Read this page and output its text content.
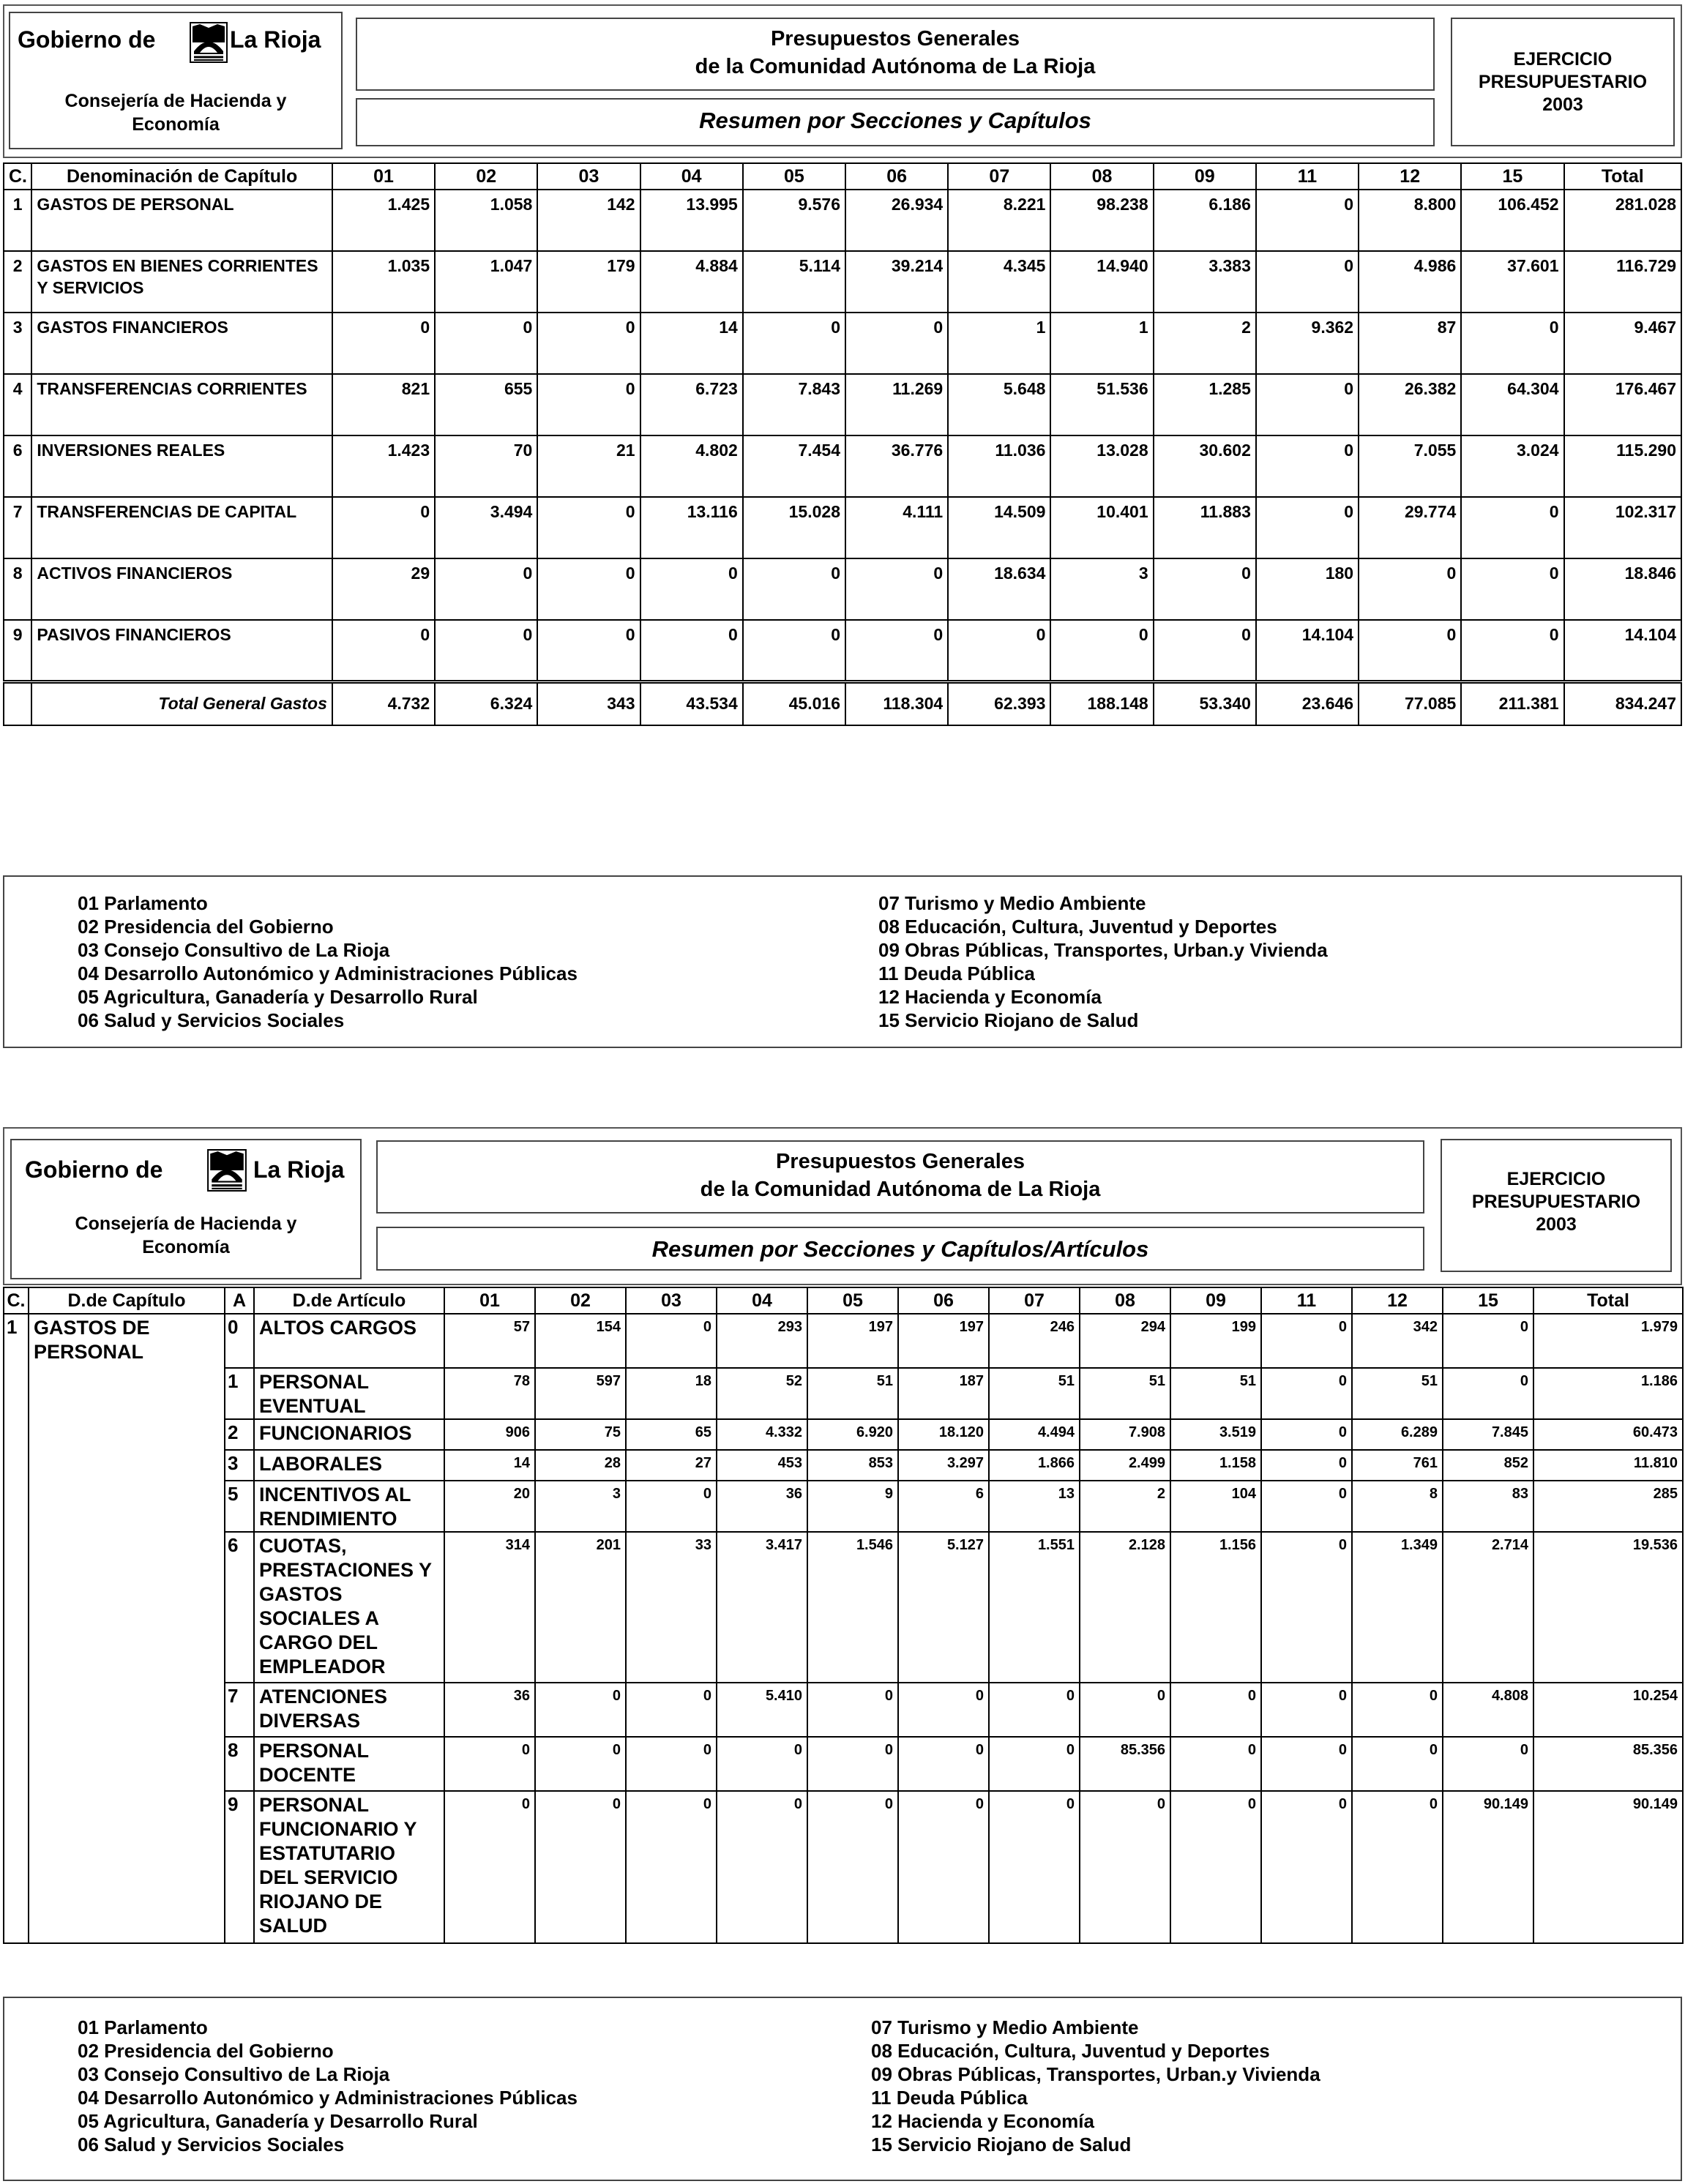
Gobierno de	La Rioja
Consejería de Hacienda y
Economía
Presupuestos Generales
de la Comunidad Autónoma de La Rioja
Resumen por Secciones y Capítulos
EJERCICIO
PRESUPUESTARIO
2003
C.	Denominación de Capítulo	01	02	03	04	05	06	07	08	09	11	12	15	Total
1	GASTOS DE PERSONAL	1.425	1.058	142	13.995	9.576	26.934	8.221	98.238	6.186	0	8.800	106.452	281.028
2	GASTOS EN BIENES CORRIENTES Y SERVICIOS	1.035	1.047	179	4.884	5.114	39.214	4.345	14.940	3.383	0	4.986	37.601	116.729
3	GASTOS FINANCIEROS	0	0	0	14	0	0	1	1	2	9.362	87	0	9.467
4	TRANSFERENCIAS CORRIENTES	821	655	0	6.723	7.843	11.269	5.648	51.536	1.285	0	26.382	64.304	176.467
6	INVERSIONES REALES	1.423	70	21	4.802	7.454	36.776	11.036	13.028	30.602	0	7.055	3.024	115.290
7	TRANSFERENCIAS DE CAPITAL	0	3.494	0	13.116	15.028	4.111	14.509	10.401	11.883	0	29.774	0	102.317
8	ACTIVOS FINANCIEROS	29	0	0	0	0	0	18.634	3	0	180	0	0	18.846
9	PASIVOS FINANCIEROS	0	0	0	0	0	0	0	0	0	14.104	0	0	14.104
	Total General Gastos	4.732	6.324	343	43.534	45.016	118.304	62.393	188.148	53.340	23.646	77.085	211.381	834.247
01 Parlamento
02 Presidencia del Gobierno
03 Consejo Consultivo de La Rioja
04 Desarrollo Autonómico y Administraciones Públicas
05 Agricultura, Ganadería y Desarrollo Rural
06 Salud y Servicios Sociales
07 Turismo y Medio Ambiente
08 Educación, Cultura, Juventud y Deportes
09 Obras Públicas, Transportes, Urban.y Vivienda
11 Deuda Pública
12 Hacienda y Economía
15 Servicio Riojano de Salud
Gobierno de	La Rioja
Consejería de Hacienda y
Economía
Presupuestos Generales
de la Comunidad Autónoma de La Rioja
Resumen por Secciones y Capítulos/Artículos
EJERCICIO
PRESUPUESTARIO
2003
C.	D.de Capítulo	A	D.de Artículo	01	02	03	04	05	06	07	08	09	11	12	15	Total
1	GASTOS DE PERSONAL	0	ALTOS CARGOS	57	154	0	293	197	197	246	294	199	0	342	0	1.979
		1	PERSONAL EVENTUAL	78	597	18	52	51	187	51	51	51	0	51	0	1.186
		2	FUNCIONARIOS	906	75	65	4.332	6.920	18.120	4.494	7.908	3.519	0	6.289	7.845	60.473
		3	LABORALES	14	28	27	453	853	3.297	1.866	2.499	1.158	0	761	852	11.810
		5	INCENTIVOS AL RENDIMIENTO	20	3	0	36	9	6	13	2	104	0	8	83	285
		6	CUOTAS, PRESTACIONES Y GASTOS SOCIALES A CARGO DEL EMPLEADOR	314	201	33	3.417	1.546	5.127	1.551	2.128	1.156	0	1.349	2.714	19.536
		7	ATENCIONES DIVERSAS	36	0	0	5.410	0	0	0	0	0	0	0	4.808	10.254
		8	PERSONAL DOCENTE	0	0	0	0	0	0	0	85.356	0	0	0	0	85.356
		9	PERSONAL FUNCIONARIO Y ESTATUTARIO DEL SERVICIO RIOJANO DE SALUD	0	0	0	0	0	0	0	0	0	0	0	90.149	90.149
01 Parlamento
02 Presidencia del Gobierno
03 Consejo Consultivo de La Rioja
04 Desarrollo Autonómico y Administraciones Públicas
05 Agricultura, Ganadería y Desarrollo Rural
06 Salud y Servicios Sociales
07 Turismo y Medio Ambiente
08 Educación, Cultura, Juventud y Deportes
09 Obras Públicas, Transportes, Urban.y Vivienda
11 Deuda Pública
12 Hacienda y Economía
15 Servicio Riojano de Salud
